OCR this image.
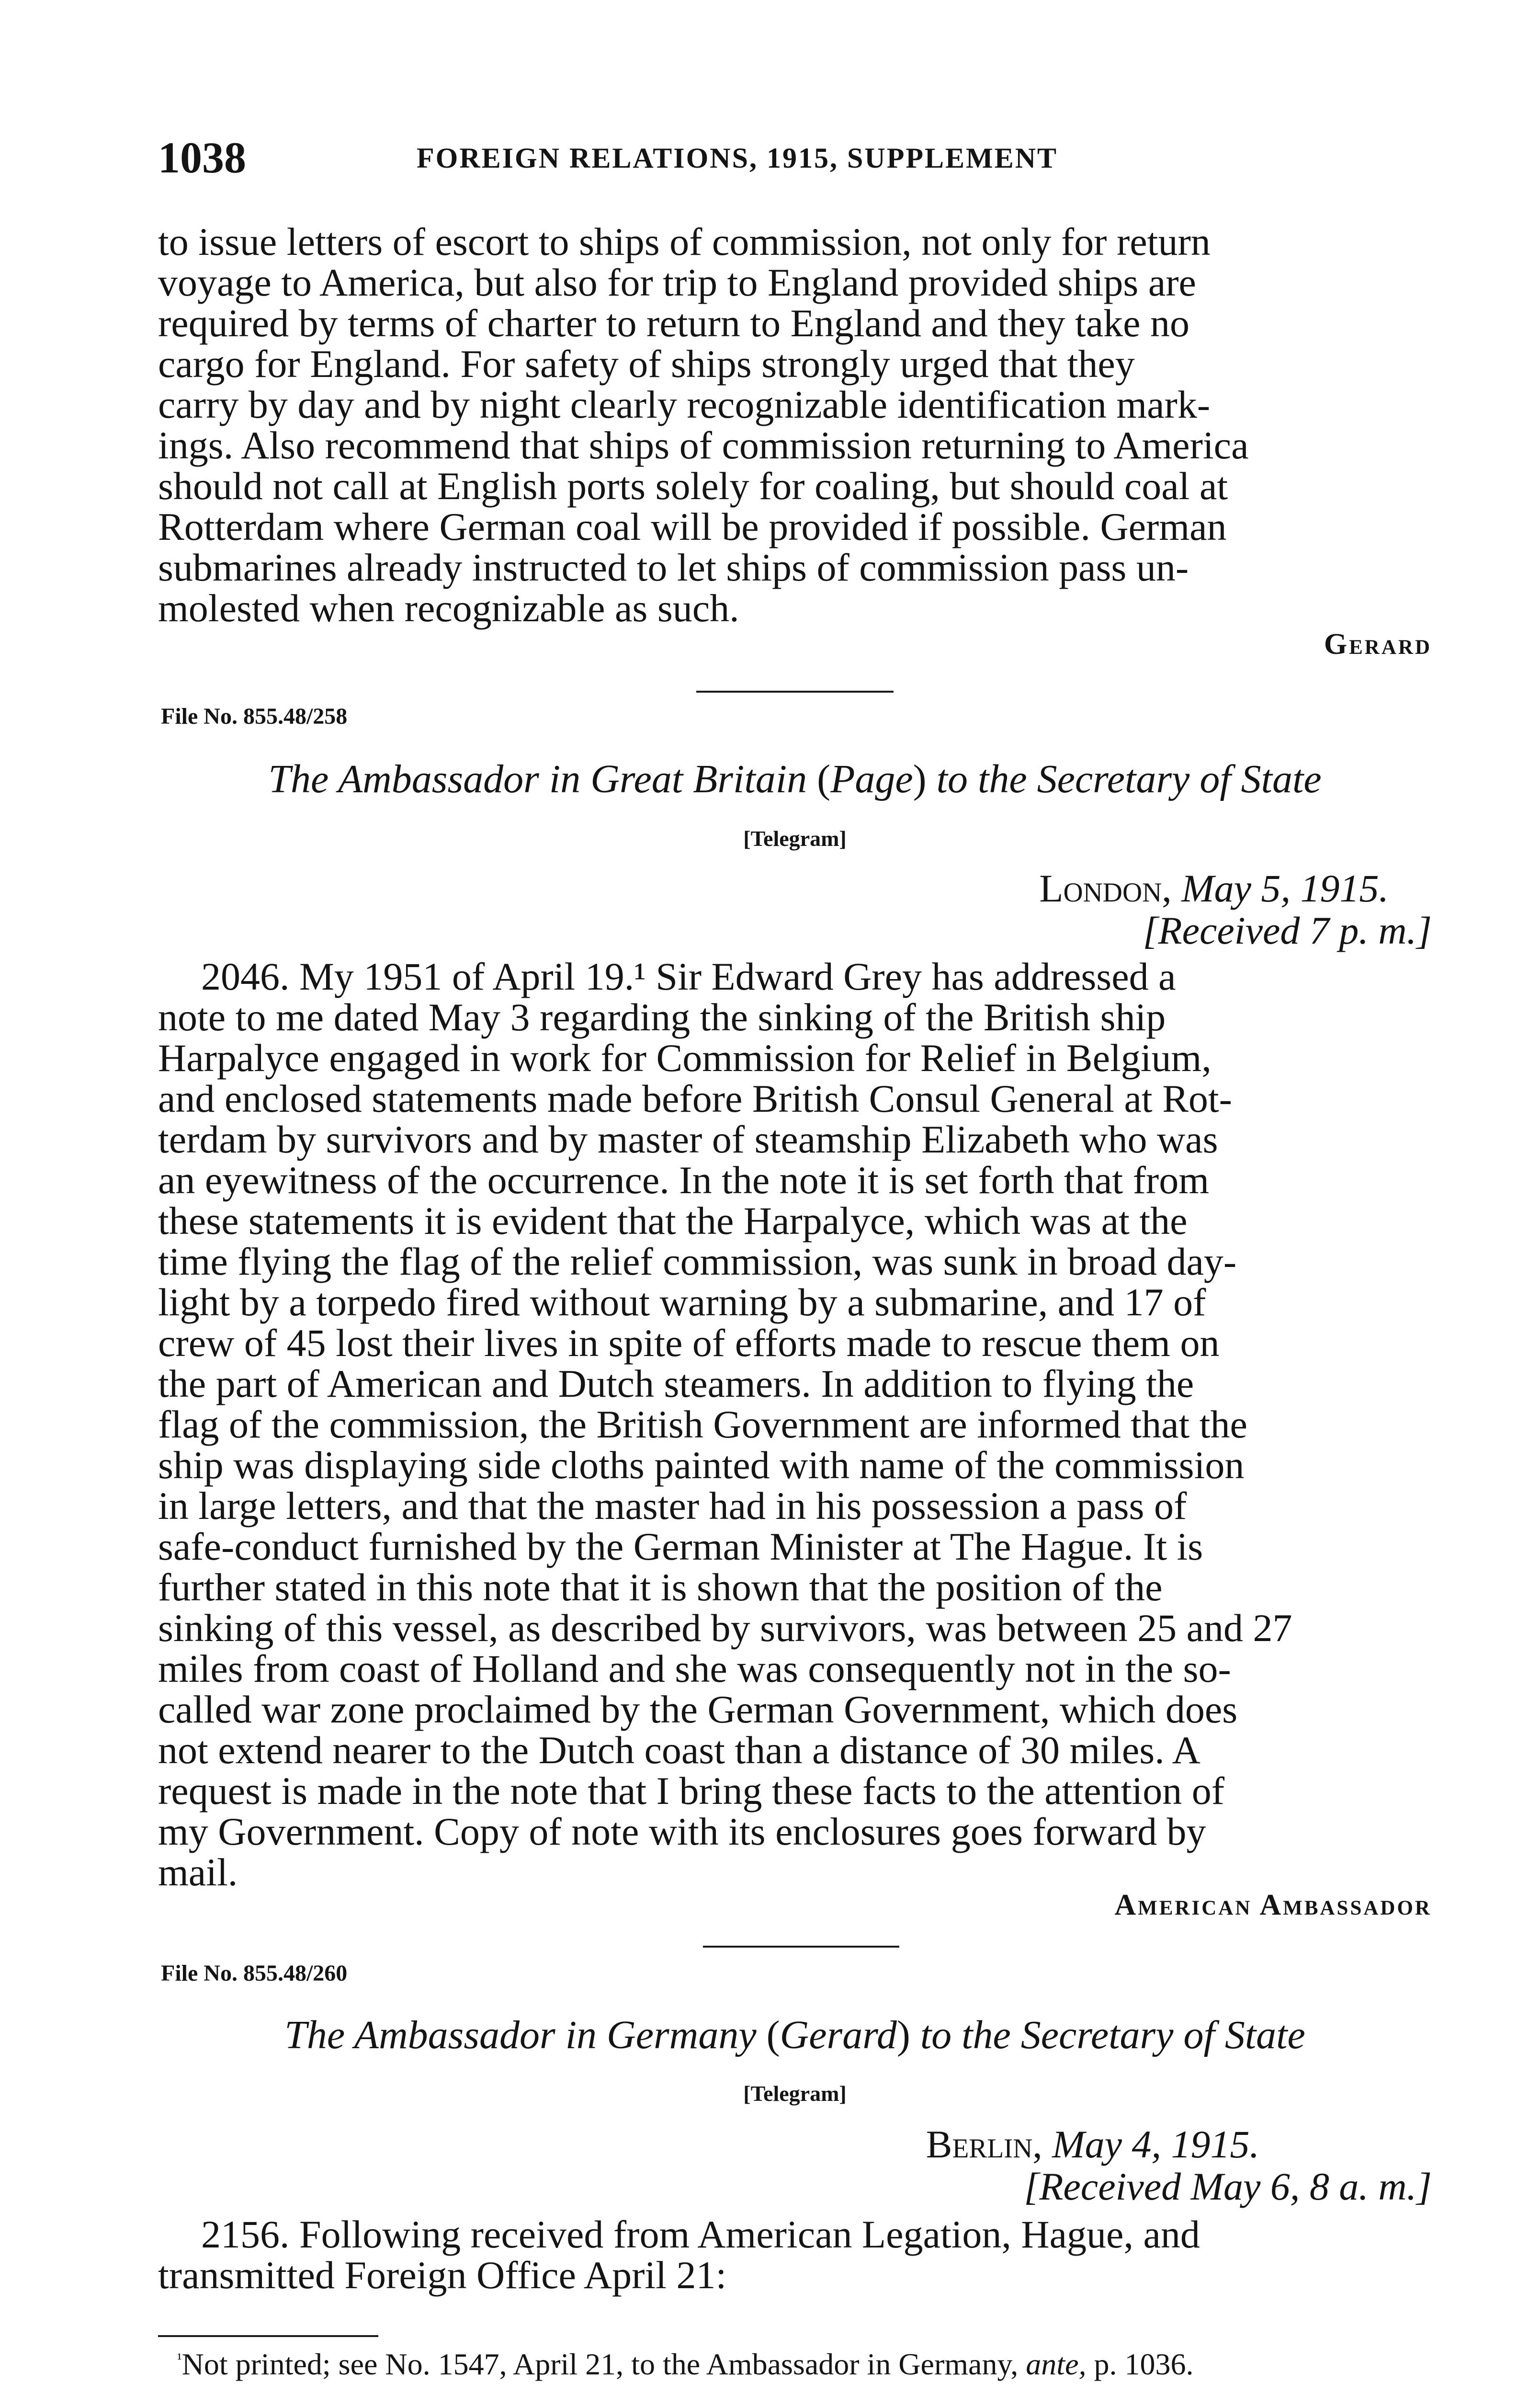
1038	FOREIGN RELATIONS, 1915, SUPPLEMENT

to issue letters of escort to ships of commission, not only for return

voyage to America, but also for trip to England provided ships are

required by terms of charter to return to England and they take no

cargo for England. For safety of ships strongly urged that they

carry by day and by night clearly recognizable identification mark-

ings. Also recommend that ships of commission returning to America

should not call at English ports solely for coaling, but should coal at

Rotterdam where German coal will be provided if possible. German

submarines already instructed to let ships of commission pass un-

molested when recognizable as such.

Gerard
File No. 855.48/258
The Ambassador in Great Britain (Page) to the Secretary of State
[Telegram]
London, May 5, 1915.
[Received 7 p. m.]

2046. My 1951 of April 19.¹ Sir Edward Grey has addressed a

note to me dated May 3 regarding the sinking of the British ship

Harpalyce engaged in work for Commission for Relief in Belgium,

and enclosed statements made before British Consul General at Rot-

terdam by survivors and by master of steamship Elizabeth who was

an eyewitness of the occurrence. In the note it is set forth that from

these statements it is evident that the Harpalyce, which was at the

time flying the flag of the relief commission, was sunk in broad day-

light by a torpedo fired without warning by a submarine, and 17 of

crew of 45 lost their lives in spite of efforts made to rescue them on

the part of American and Dutch steamers. In addition to flying the

flag of the commission, the British Government are informed that the

ship was displaying side cloths painted with name of the commission

in large letters, and that the master had in his possession a pass of

safe-conduct furnished by the German Minister at The Hague. It is

further stated in this note that it is shown that the position of the

sinking of this vessel, as described by survivors, was between 25 and 27

miles from coast of Holland and she was consequently not in the so-

called war zone proclaimed by the German Government, which does

not extend nearer to the Dutch coast than a distance of 30 miles. A

request is made in the note that I bring these facts to the attention of

my Government. Copy of note with its enclosures goes forward by

mail.

American Ambassador
File No. 855.48/260
The Ambassador in Germany (Gerard) to the Secretary of State
[Telegram]
Berlin, May 4, 1915.
[Received May 6, 8 a. m.]

2156. Following received from American Legation, Hague, and

transmitted Foreign Office April 21:

$^{^1}$Not printed; see No. 1547, April 21, to the Ambassador in Germany, ante, p. 1036.
